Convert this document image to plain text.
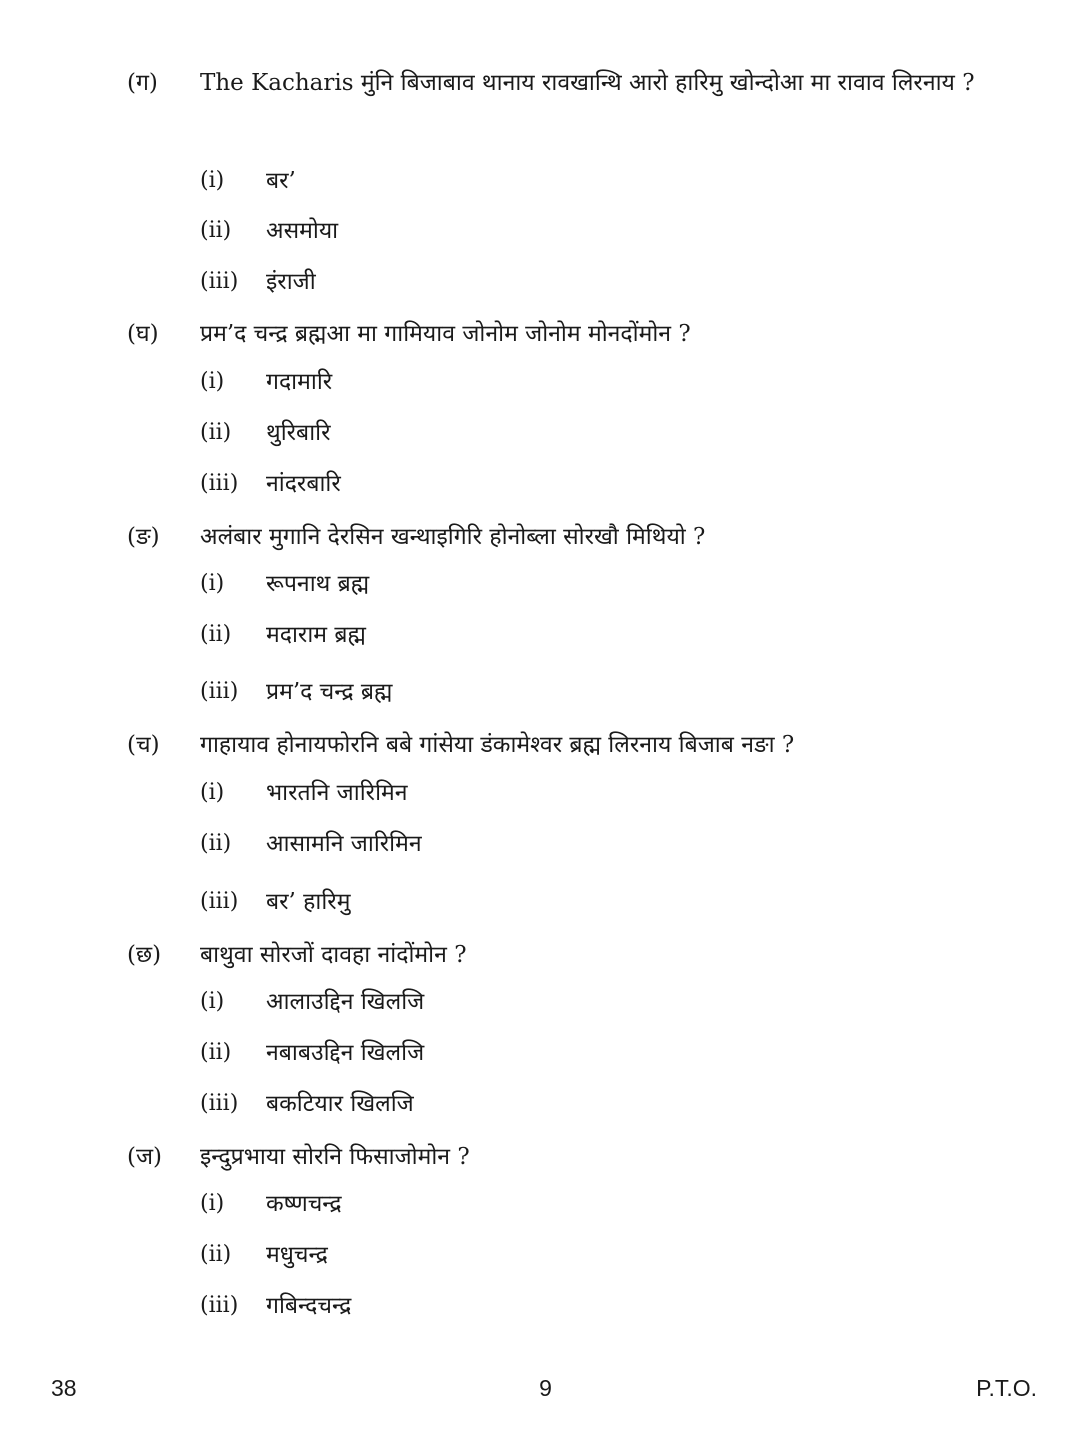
(ग) The Kacharis मुंनि बिजाबाव थानाय रावखान्थि आरो हारिमु खोन्दोआ मा रावाव लिरनाय ?
(i) बर’
(ii) असमोया
(iii) इंराजी
(घ) प्रम’द चन्द्र ब्रह्मआ मा गामियाव जोनोम जोनोम मोनदोंमोन ?
(i) गदामारि
(ii) थुरिबारि
(iii) नांदरबारि
(ङ) अलंबार मुगानि देरसिन खन्थाइगिरि होनोब्ला सोरखौ मिथियो ?
(i) रूपनाथ ब्रह्म
(ii) मदाराम ब्रह्म
(iii) प्रम’द चन्द्र ब्रह्म
(च) गाहायाव होनायफोरनि बबे गांसेया डंकामेश्वर ब्रह्म लिरनाय बिजाब नङा ?
(i) भारतनि जारिमिन
(ii) आसामनि जारिमिन
(iii) बर’ हारिमु
(छ) बाथुवा सोरजों दावहा नांदोंमोन ?
(i) आलाउद्दिन खिलजि
(ii) नबाबउद्दिन खिलजि
(iii) बकटियार खिलजि
(ज) इन्दुप्रभाया सोरनि फिसाजोमोन ?
(i) कष्णचन्द्र
(ii) मधुचन्द्र
(iii) गबिन्दचन्द्र
38	9	P.T.O.
